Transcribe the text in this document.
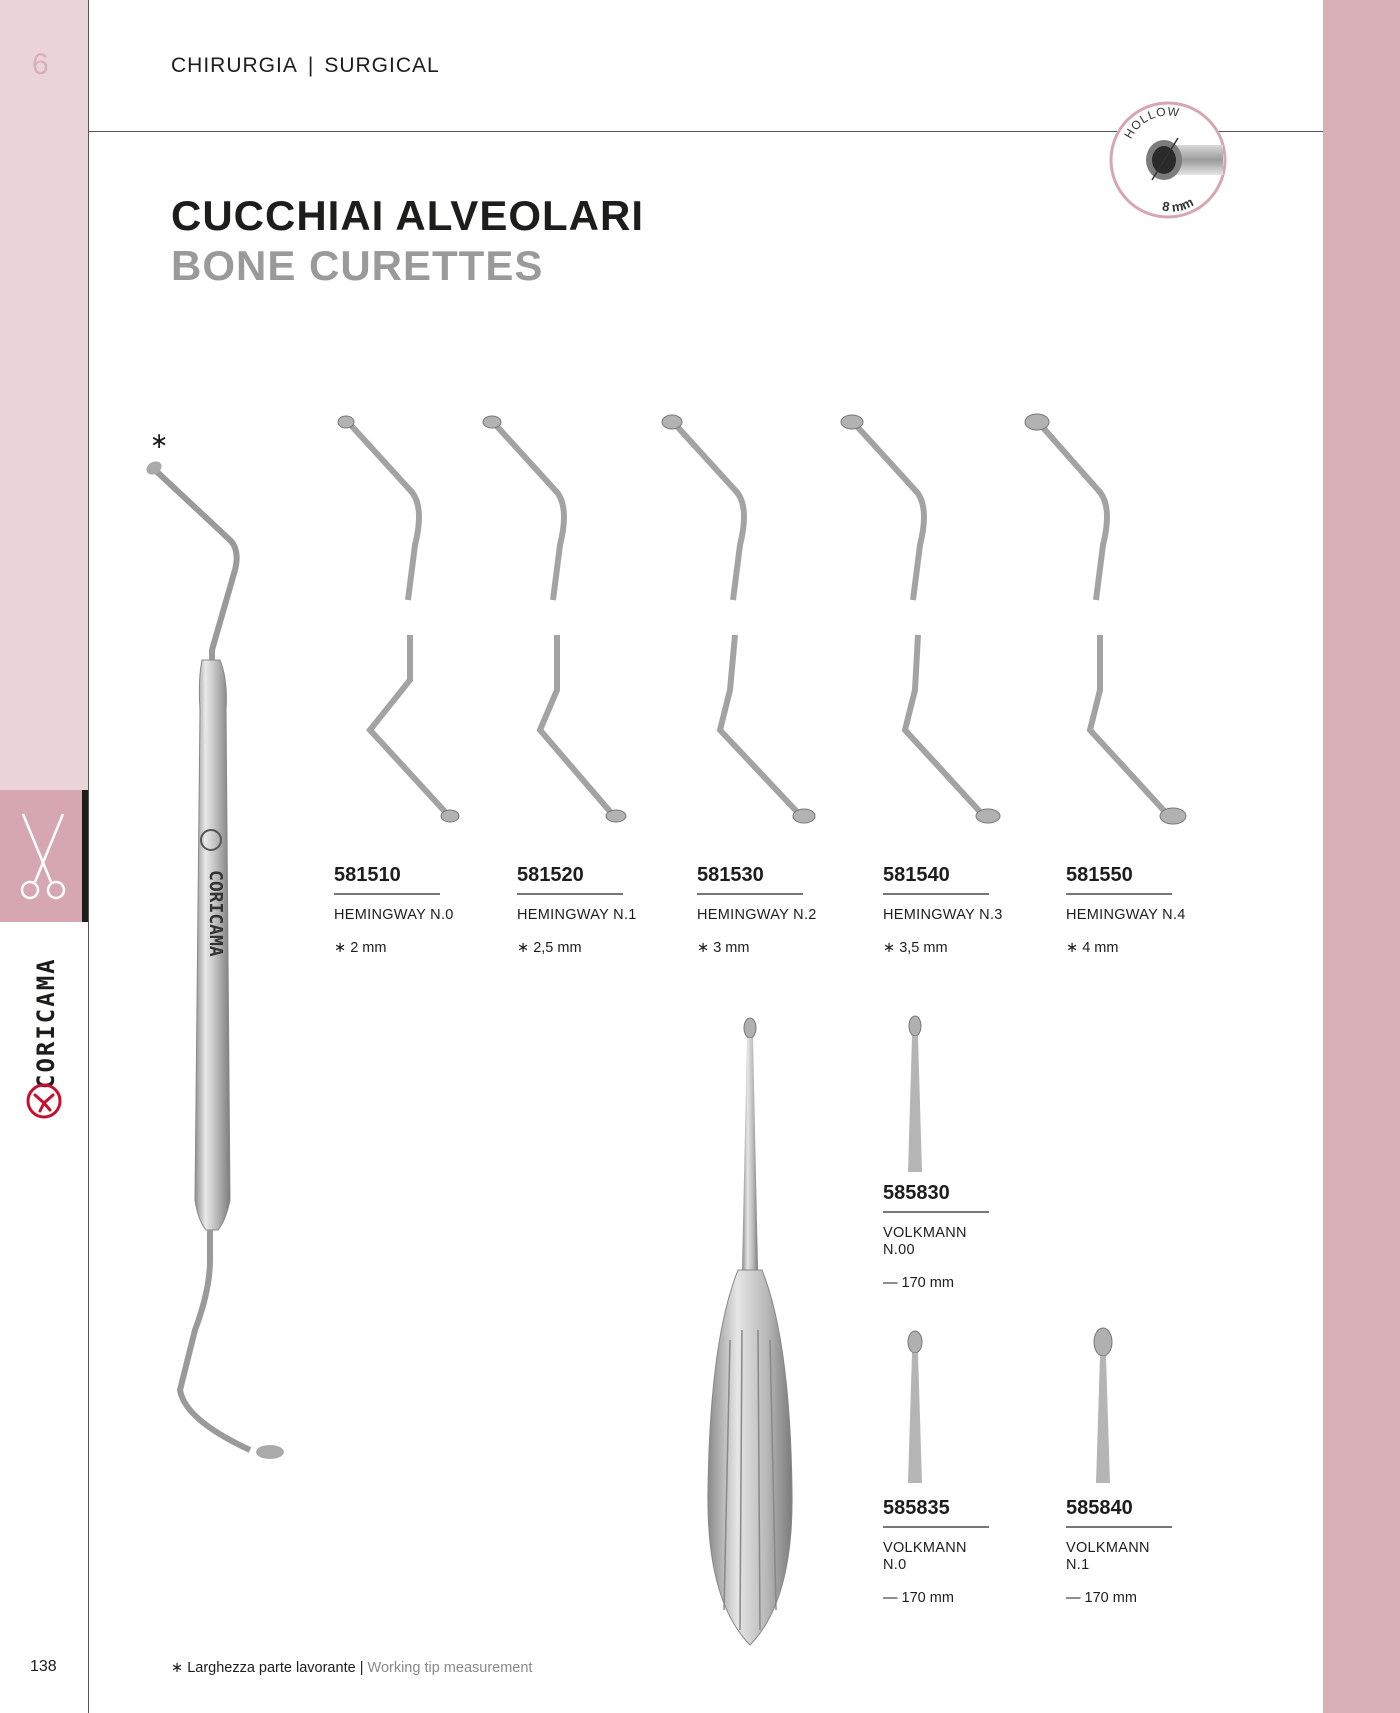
6	CHIRURGIA | SURGICAL
CUCCHIAI ALVEOLARI
BONE CURETTES
HOLLOW
8 mm
CORICAMA
CORICAMA
∗
581510
HEMINGWAY N.0
∗ 2 mm
581520
HEMINGWAY N.1
∗ 2,5 mm
581530
HEMINGWAY N.2
∗ 3 mm
581540
HEMINGWAY N.3
∗ 3,5 mm
581550
HEMINGWAY N.4
∗ 4 mm
585830
VOLKMANN N.00
— 170 mm
585835
VOLKMANN N.0
— 170 mm
585840
VOLKMANN N.1
— 170 mm
138	∗ Larghezza parte lavorante | Working tip measurement
